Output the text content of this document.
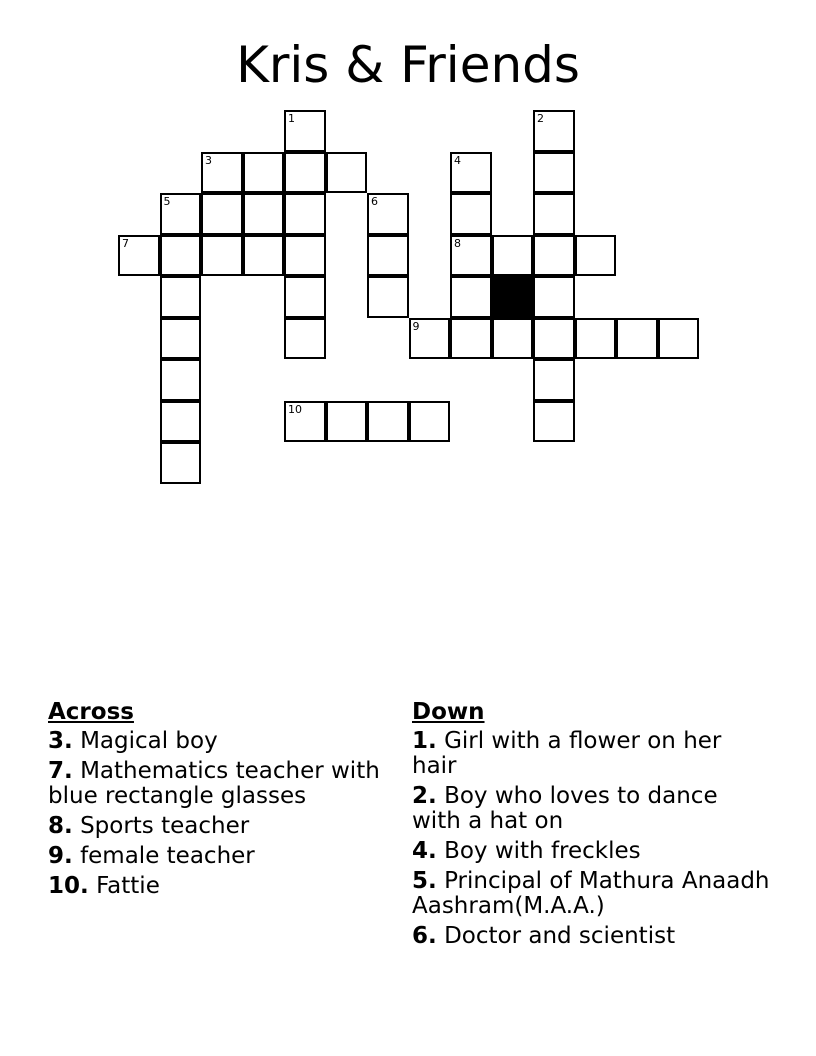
Kris & Friends
1	2
3	4
5	6
7	8
9
10
Across
3. Magical boy
7. Mathematics teacher with blue rectangle glasses
8. Sports teacher
9. female teacher
10. Fattie
Down
1. Girl with a flower on her hair
2. Boy who loves to dance with a hat on
4. Boy with freckles
5. Principal of Mathura Anaadh Aashram(M.A.A.)
6. Doctor and scientist
